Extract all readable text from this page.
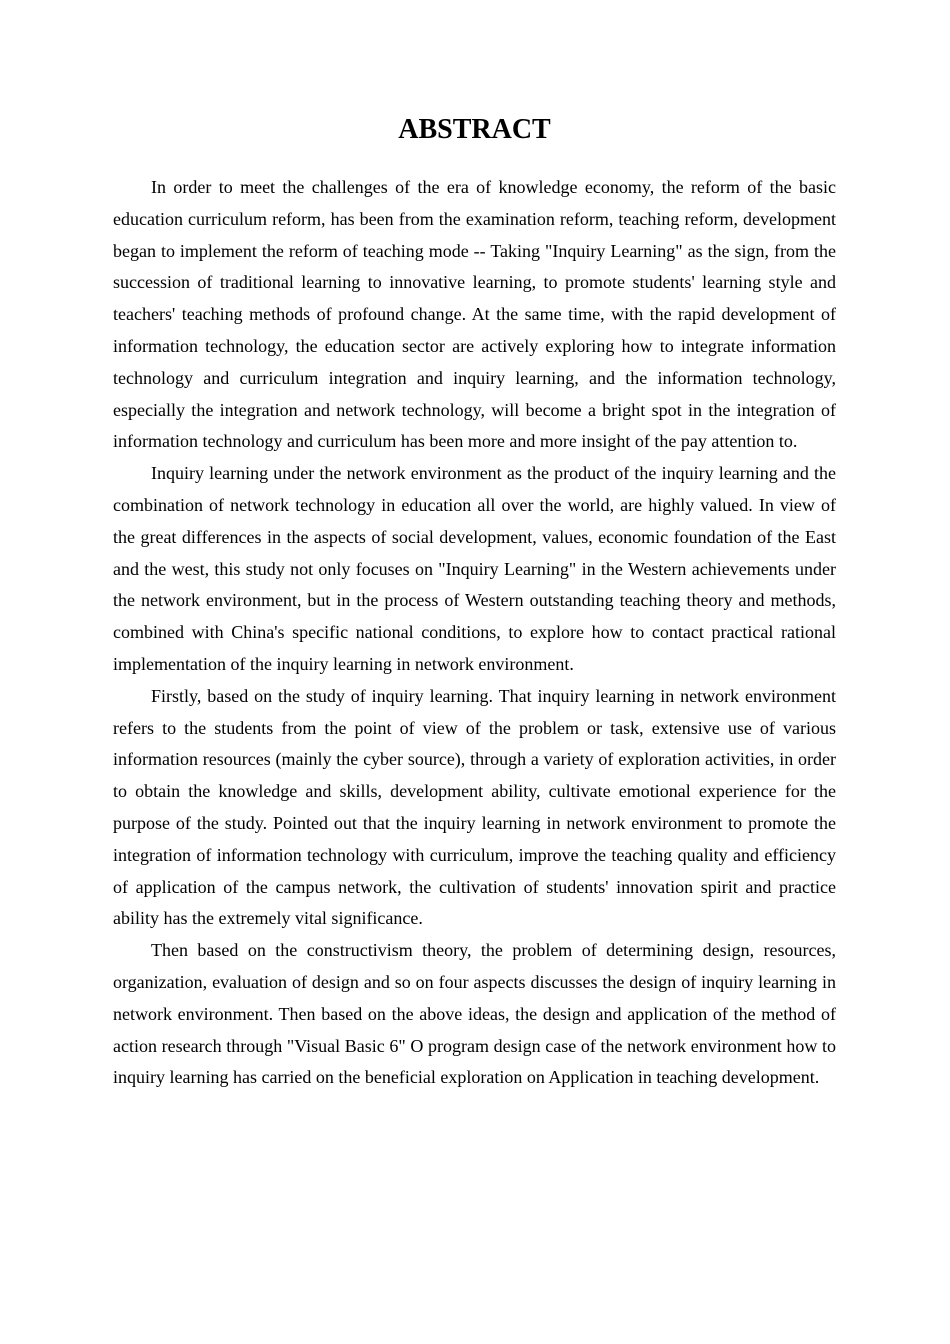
ABSTRACT

In order to meet the challenges of the era of knowledge economy, the reform of the basic education curriculum reform, has been from the examination reform, teaching reform, development began to implement the reform of teaching mode -- Taking "Inquiry Learning" as the sign, from the succession of traditional learning to innovative learning, to promote students' learning style and teachers' teaching methods of profound change. At the same time, with the rapid development of information technology, the education sector are actively exploring how to integrate information technology and curriculum integration and inquiry learning, and the information technology, especially the integration and network technology, will become a bright spot in the integration of information technology and curriculum has been more and more insight of the pay attention to.

Inquiry learning under the network environment as the product of the inquiry learning and the combination of network technology in education all over the world, are highly valued. In view of the great differences in the aspects of social development, values, economic foundation of the East and the west, this study not only focuses on "Inquiry Learning" in the Western achievements under the network environment, but in the process of Western outstanding teaching theory and methods, combined with China's specific national conditions, to explore how to contact practical rational implementation of the inquiry learning in network environment.

Firstly, based on the study of inquiry learning. That inquiry learning in network environment refers to the students from the point of view of the problem or task, extensive use of various information resources (mainly the cyber source), through a variety of exploration activities, in order to obtain the knowledge and skills, development ability, cultivate emotional experience for the purpose of the study. Pointed out that the inquiry learning in network environment to promote the integration of information technology with curriculum, improve the teaching quality and efficiency of application of the campus network, the cultivation of students' innovation spirit and practice ability has the extremely vital significance.

Then based on the constructivism theory, the problem of determining design, resources, organization, evaluation of design and so on four aspects discusses the design of inquiry learning in network environment. Then based on the above ideas, the design and application of the method of action research through "Visual Basic 6" O program design case of the network environment how to inquiry learning has carried on the beneficial exploration on Application in teaching development.
